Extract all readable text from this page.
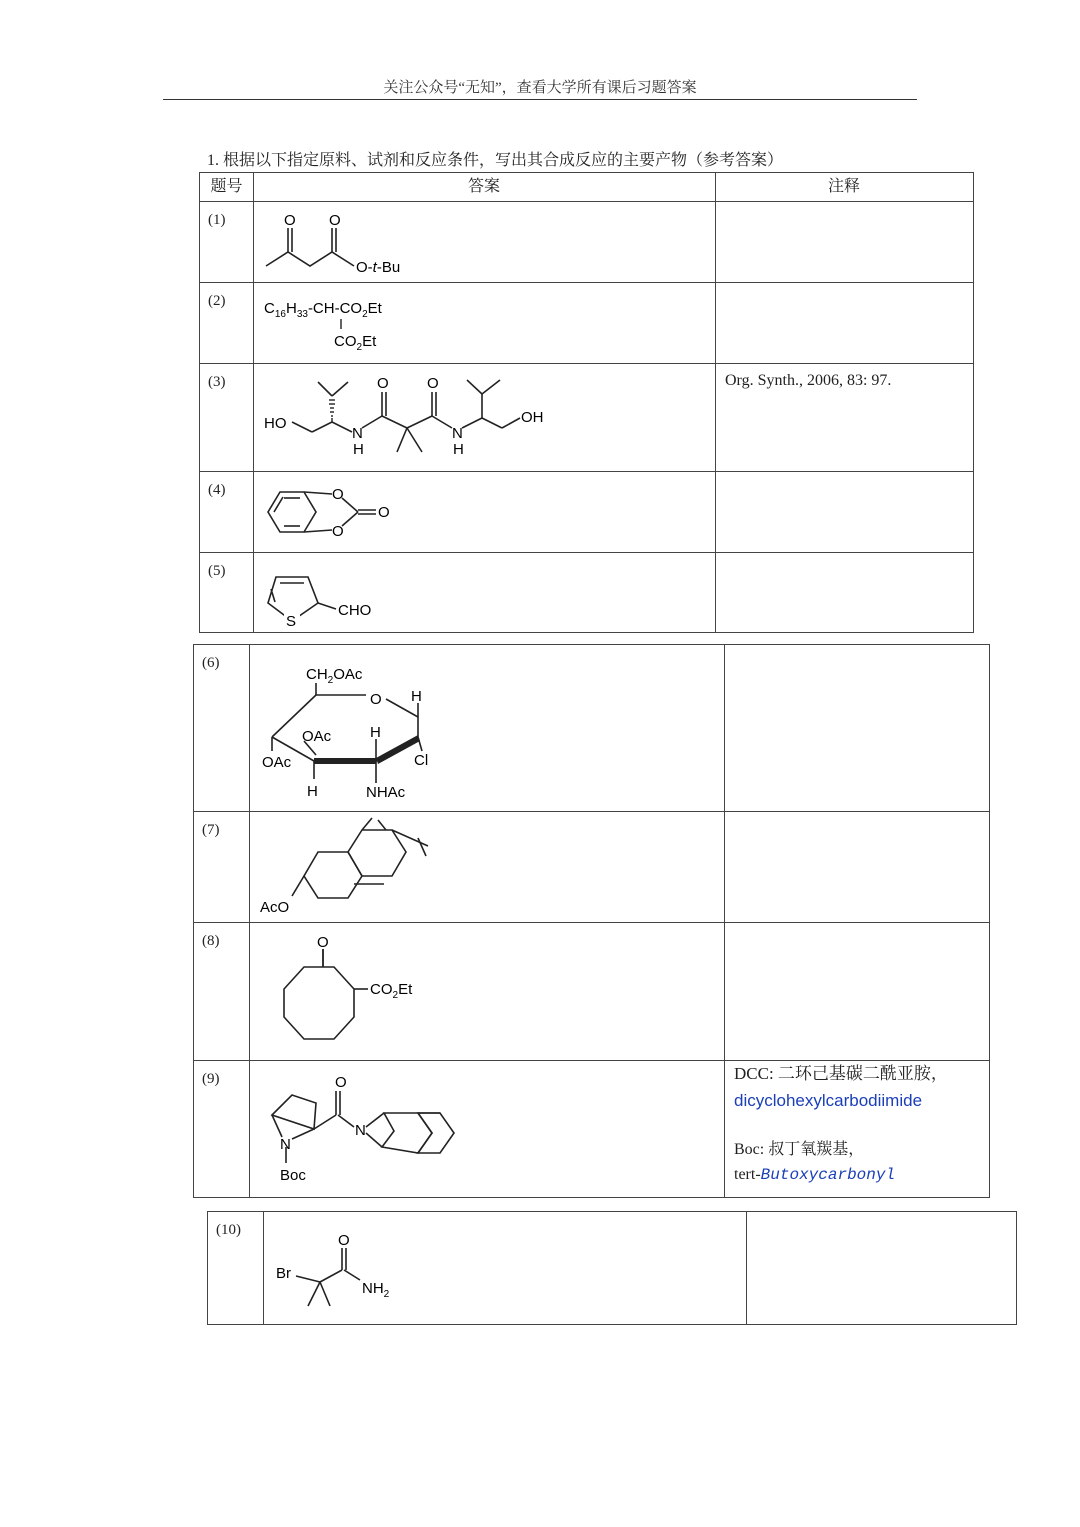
关注公众号“无知”，查看大学所有课后习题答案
1. 根据以下指定原料、试剂和反应条件，写出其合成反应的主要产物（参考答案）
题号	答案	注释
(1)	O O
O-t-Bu
(2)	$C_{16}H_{33}-CH-CO_2Et$
$CO_2Et$
(3)
HO
N
H
O	O
N
H
OH
Org. Synth., 2006, 83: 97.
(4)	O
O
O
(5)
S
CHO
(6)
$CH_2OAc$
O H
OAc	H
OAc	Cl
H	NHAc
(7)
AcO
(8)	O
$CO_2Et$
(9)	O
N
N
Boc
DCC: 二环己基碳二酰亚胺，
dicyclohexylcarbodiimide
Boc: 叔丁氧羰基，
tert-Butoxycarbonyl
(10)
O
Br
$NH_2$
